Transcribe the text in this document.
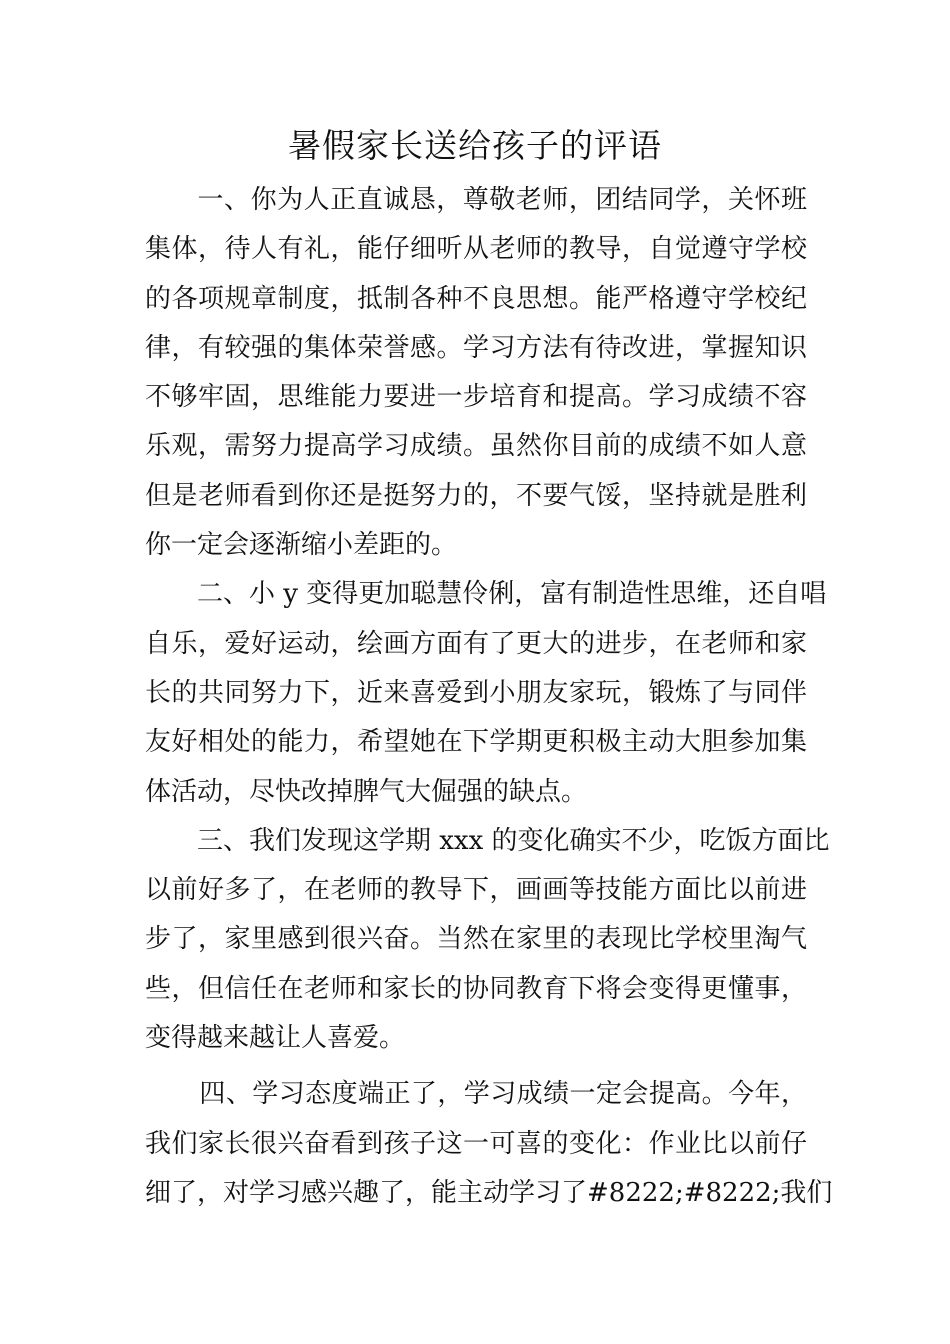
暑假家长送给孩子的评语

　一、你为人正直诚恳，尊敬老师，团结同学，关怀班
集体，待人有礼，能仔细听从老师的教导，自觉遵守学校
的各项规章制度，抵制各种不良思想。能严格遵守学校纪
律，有较强的集体荣誉感。学习方法有待改进，掌握知识
不够牢固，思维能力要进一步培育和提高。学习成绩不容
乐观，需努力提高学习成绩。虽然你目前的成绩不如人意
但是老师看到你还是挺努力的，不要气馁，坚持就是胜利
你一定会逐渐缩小差距的。

二、小 y 变得更加聪慧伶俐，富有制造性思维，还自唱
自乐，爱好运动，绘画方面有了更大的进步，在老师和家
长的共同努力下，近来喜爱到小朋友家玩，锻炼了与同伴
友好相处的能力，希望她在下学期更积极主动大胆参加集
体活动，尽快改掉脾气大倔强的缺点。

三、我们发现这学期 xxx 的变化确实不少，吃饭方面比
以前好多了，在老师的教导下，画画等技能方面比以前进
步了，家里感到很兴奋。当然在家里的表现比学校里淘气
些，但信任在老师和家长的协同教育下将会变得更懂事，
变得越来越让人喜爱。

　四、学习态度端正了，学习成绩一定会提高。今年，
我们家长很兴奋看到孩子这一可喜的变化：作业比以前仔
细了，对学习感兴趣了，能主动学习了#8222;#8222;我们
